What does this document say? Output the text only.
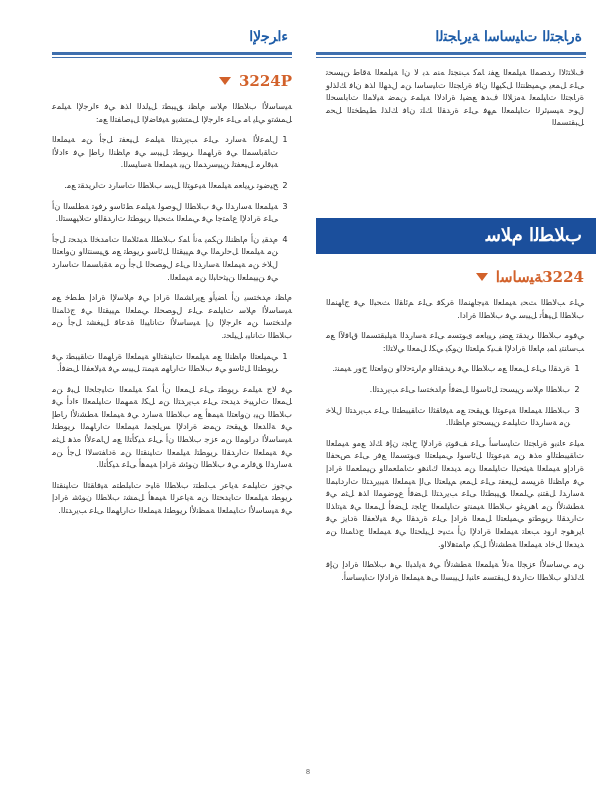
ﺓﺭﺎﺠﺘﻟﺍ ﺕﺎﻴﺳﺎﺳﺍ ﺔﻳﺭﺎﺠﺘﻟﺍ

ﻑﻼﺘﺋﻻﺍ ﺭﺪﺼﻤﻟﺍ ﺔﻴﻠﻤﻌﻟﺍ ﻊﻔﻧ ﺎﻤﻛ ﺐﻨﺠﺘﻟ ﻪﻨﻣ ﺪﺑ ﻻ ﻥﺍ ﺔﻴﻠﻤﻌﻟﺍ ﺔﻗﺎﻃ ﻦﻴﺴﺤﺗ ﻰﻠﻋ ﻞﻤﻌﻳ ﻲﻤﻴﻈﻨﺘﻟﺍ ﻞﻜﻴﻬﻟﺍ ﻥﺎﻓ ﺓﺭﺎﺠﺘﻟﺍ ﺕﺎﻴﺳﺎﺳﺍ ﻦﻣ ﻝﺪﻬﻟﺍ ﺍﺬﻫ ﻥﺎﻓ ﻚﻟﺬﻟﻭ ﺓﺭﺎﺠﺘﻟﺍ ﺕﺎﻴﻠﻤﻌﻟ ﺔﻣﺯﻼﻟﺍ ﻑﺪﻫ ﻊﻀﻴﻟ ﺓﺭﺍﺩﻻﺍ ﺔﻴﻠﻤﻋ ﻦﻤﺿ ﺔﻴﻟﺎﻤﻟﺍ ﺕﺎﺑﺎﺴﺤﻟﺍ ﻝﻮﺣ ﺔﻴﺴﻴﺋﺮﻟﺍ ﺕﺎﻴﻠﻤﻌﻟﺍ ﻢﻬﻓ ﻰﻠﻋ ﺓﺭﺪﻘﻟﺍ ﻚﻠﺗ ﻥﺎﻓ ﻚﻟﺬﻟ ﻂﻴﻄﺨﺘﻟﺍ ﻞﺤﻣ ﻞﺒﻘﺘﺴﻤﻟﺍ

ﺏﻼﻄﻟﺍ ﻡﻼﺳ
3224ﺔﻴﺳﺎﺳﺍ

ﻲﻠﻋ ﺐﻟﺎﻄﻟﺍ ﺚﺤﺑ ﺔﻴﻤﻠﻌﻟﺍ ﺔﻴﺟﺎﻬﻨﻤﻟﺍ ﺓﺮﻜﻓ ﻰﻠﻋ ﻢﺋﺎﻘﻟﺍ ﺚﺤﺒﻟﺍ ﻲﻓ ﺝﺎﻬﻨﻤﻟﺍ ﺏﻼﻄﻟﺍ ﻞﻴﻫﺄﺗ ﻞﻴﺒﺳ ﻲﻓ ﺏﻼﻄﻟﺍ ﺓﺭﺍﺩﺍ.

ﻲﻓﻮﻣ ﺏﻼﻄﻟﺍ ﺮﻳﺪﻘﺗ ﻊﻀﻳ ﺮﻴﻳﺎﻌﻣ ﻯﻮﺘﺴﻣ ﻰﻠﻋ ﺔﺳﺍﺭﺪﻟﺍ ﺔﻴﻠﺒﻘﺘﺴﻤﻟﺍ ﻕﺎﻓﻵﺍ ﻊﻣ ﺐﺳﺎﻨﺘﻳ ﺎﻤﺑ ﻡﺎﻌﻟﺍ ﺓﺭﺍﺩﻹﺍ ﻒﻴﻛ ﻢﻠﻌﺘﻟﺍ ﻥﻮﻜﻳ ﻲﻜﻟ ﻞﻤﻌﻟﺍ ﻲﻟﺎﺘﻟﺍ:

1
ﺓﺭﺪﻘﻟﺍ ﻰﻠﻋ ﻞﻤﻌﻟﺍ ﻊﻣ ﺏﻼﻄﻟﺍ ﻲﻓ ﺮﻳﺪﻘﺘﻟﺍﻭ ﻡﺍﺮﺘﺣﻻﺍﻭ ﻥﻭﺎﻌﺘﻟﺍ ﺡﻭﺭ ﺔﻴﻤﻨﺗ.
2
ﺏﻼﻄﻟﺍ ﻡﻼﺳ ﻦﻴﺴﺤﺗ ﻞﺋﺎﺳﻮﻟﺍ ﻞﻀﻓﺃ ﻡﺍﺪﺨﺘﺳﺍ ﻰﻠﻋ ﺐﻳﺭﺪﺘﻟﺍ.
3
ﺏﻼﻄﻠﻟ ﺔﻴﻤﻠﻌﻟﺍ ﺔﻴﻋﻮﺘﻟﺍ ﻖﻴﻘﺤﺗ ﻊﻣ ﺔﻴﻓﺎﻘﺜﻟﺍ ﺕﺎﻘﻴﺒﻄﺘﻟﺍ ﻰﻠﻋ ﺐﻳﺭﺪﺘﻟﺍ ﻝﻼﺧ ﻦﻣ ﺔﺳﺍﺭﺪﻟﺍ ﺕﺎﻴﻠﻤﻋ ﻦﻴﺴﺤﺗﻭ ﻡﺎﻈﻨﻟﺍ.

ﻪﻴﻠﻋ ﺀﺎﻨﺑﻭ ﺓﺭﺎﺠﺘﻟﺍ ﺕﺎﻴﺳﺎﺳﺃ ﻰﻠﻋ ﻒﻗﻮﺘﻳ ﺓﺭﺍﺩﻹﺍ ﺡﺎﺠﻧ ﻥﺈﻓ ﻚﻟﺫ ﻊﻣﻭ ﺔﻴﻤﻠﻌﻟﺍ ﺕﺎﻘﻴﺒﻄﺘﻟﺍﻭ ﻩﺬﻫ ﻦﻣ ﺔﻴﻋﻮﺘﻟﺍ ﻞﺋﺎﺳﻮﻟ ﻲﻤﻴﻠﻌﺘﻟﺍ ﻯﻮﺘﺴﻤﻟﺍ ﻊﻓﺭ ﻰﻠﻋ ﺺﺤﻔﻟﺍ ﺓﺭﺍﺩﺇﻭ ﺔﻴﻤﻠﻌﻟﺍ ﺔﻴﺜﺤﺒﻟﺍ ﺕﺎﻴﻠﻤﻌﻟﺍ ﻦﻣ ﺪﻳﺪﻌﻟﺍ ﻙﺎﻨﻫﻭ ﺕﺎﻤﻠﻌﻤﻟﺍﻭ ﻦﻴﻤﻠﻌﻤﻟﺍ ﺓﺭﺍﺩﺇ ﻲﻓ ﻡﺎﻈﻨﻟﺍ ﺓﺮﻴﺴﻣ ﻞﻴﻌﻔﺗ ﻰﻠﻋ ﻞﻤﻌﻳ ﻢﻴﻠﻌﺘﻟﺍ ﻰﻟﺇ ﺔﻴﻤﻠﻌﻟﺍ ﺔﻴﺒﻳﺭﺪﺘﻟﺍ ﺕﺍﺭﺩﺎﺒﻤﻟﺍ ﺔﺳﺍﺭﺪﻟ ﻞﻘﺘﻨﻳ ﻲﻠﻤﻌﻟﺍ ﻖﻴﺒﻄﺘﻟﺍ ﻰﻠﻋ ﺐﻳﺭﺪﺘﻟﺍ ﻞﻀﻓﺃ ﻉﻮﺿﻮﻤﻟﺍ ﺍﺬﻫ ﻞﺜﻣ ﻲﻓ ﺔﻄﺸﻧﻷﺍ ﻦﻣ ﺎﻫﺮﻴﻏﻭ ﺏﻼﻄﻟﺍ ﺔﻴﻤﻨﺗﻭ ﺕﺎﻴﻠﻤﻌﻟﺍ ﺡﺎﺠﻧ ﻞﻀﻓﺃ ﻞﻤﻌﻟﺍ ﻲﻓ ﺔﻴﺗﺍﺬﻟﺍ ﺕﺍﺭﺪﻘﻟﺍ ﺮﻳﻮﻄﺗﻭ ﻲﻤﻴﻠﻌﺘﻟﺍ ﻞﻤﻌﻟﺍ ﺓﺭﺍﺩﺇ ﻰﻠﻋ ﺓﺭﺪﻘﻟﺍ ﻲﻓ ﺔﻴﻟﺎﻌﻔﻟﺍ ﺓﺩﺎﻳﺯ ﻲﻓ ﺎﻳﺮﻫﻮﺟ ﺍﺭﻭﺩ ﺐﻌﻠﺗ ﺔﻴﻤﻠﻌﻟﺍ ﺓﺭﺍﺩﻹﺍ ﻥﺃ ﺚﻴﺣ ﻞﻴﻠﺤﺘﻟﺍ ﻲﻓ ﺔﻴﻤﻠﻌﻟﺍ ﺝﺫﺎﻤﻨﻟﺍ ﻦﻣ ﺪﻳﺪﻌﻟﺍ ﻞﺧﺍﺩ ﺔﻴﻤﻠﻌﻟﺍ ﺔﻄﺸﻧﻷﺍ ﻞﻜﺑ ﻡﺎﻤﺘﻫﻻﺍﻭ.

ﻦﻣ ﻲﺳﺎﺳﻷﺍ ﺀﺰﺠﻟﺍ ﻪﻧﻷ ﺔﻴﻠﻤﻌﻟﺍ ﺔﻄﺸﻧﻷﺍ ﻲﻓ ﺔﻳﺍﺪﺒﻟﺍ ﻲﻫ ﺏﻼﻄﻟﺍ ﺓﺭﺍﺩﺇ ﻥﺈﻓ ﻚﻟﺬﻟﻭ ﺏﻼﻄﻟﺍ ﺕﺍﺭﺪﻗ ﻞﺒﻘﺘﺴﻣ ﺀﺎﻨﺒﻟ ﻞﻴﺒﺴﻟﺍ ﻰﻫ ﺔﻴﻤﻠﻌﻟﺍ ﺓﺭﺍﺩﻹﺍ ﺕﺎﻴﺳﺎﺳﺃ.

ﺀﺍﺮﺟﻹﺍ
3224P

ﺔﻴﺳﺎﺳﻷﺍ ﺏﻼﻄﻟﺍ ﻡﻼﺳ ﻡﺎﻈﻧ ﻖﻴﺒﻄﺗ ﻞﻴﻟﺪﻟﺍ ﺍﺬﻫ ﻲﻓ ﺀﺍﺮﺟﻹﺍ ﺔﻴﻠﻤﻋ ﻞﻤﺸﺗﻭ ﻲﻠﻳ ﺎﻣ ﻰﻠﻋ ﺀﺍﺮﺟﻹﺍ ﻞﻤﺘﺸﻳﻭ ﺔﻴﻓﺎﺿﻹﺍ ﻞﻴﺻﺎﻔﺘﻟﺍ ﻊﻣ:

1
ﻝﺎﻤﻋﻷﺍ ﺔﺳﺍﺭﺩ ﻰﻠﻋ ﺐﻳﺭﺪﺘﻟﺍ ﺔﻴﻠﻤﻋ ﻞﻴﻌﻔﺗ ﻞﺟﺃ ﻦﻣ ﺔﻴﻤﻠﻌﻟﺍ ﺕﺎﻘﺑﺎﺴﻤﻟﺍ ﻲﻓ ﺓﺭﺎﻬﻤﻟﺍ ﺮﻳﻮﻄﺗ ﻞﻴﺒﺳ ﻲﻓ ﻡﺎﻈﻨﻟﺍ ﺭﺎﻃﺇ ﻲﻓ ﺀﺍﺩﻷﺍ ﺔﺒﻗﺍﺮﻣ ﻞﻴﻌﻔﺘﻟ ﻦﻴﻴﺳﺭﺪﻤﻟﺍ ﻦﻴﺑ ﺔﻴﻤﻠﻌﻟﺍ ﺔﺳﺎﻴﺴﻟﺍ.
2
ﺢﻴﺿﻮﺗ ﺮﻴﻳﺎﻌﻣ ﺔﻴﻠﻤﻌﻟﺍ ﺔﻴﻋﻮﺘﻟﺍ ﻞﺒﺳ ﺏﻼﻄﻟﺍ ﺕﺎﺳﺍﺭﺩ ﺕﺍﺮﻳﺪﻘﺗ ﻊﻣ.
3
ﺔﻴﻠﻤﻌﻟﺍ ﺔﺳﺍﺭﺪﻟﺍ ﻲﻓ ﺏﻼﻄﻟﺍ ﻝﻮﺻﻮﻟ ﺔﻴﻠﻤﻋ ﻂﺋﺎﺳﻭ ﺮﻓﻮﺗ ﺔﻄﻠﺴﻟﺍ ﻥﺃ ﻰﻠﻋ ﺓﺭﺍﺩﻹﺍ ﻉﺎﻤﺘﺟﺍ ﻲﻓ ﻲﻤﻠﻌﻟﺍ ﺚﺤﺒﻟﺍ ﺮﻳﻮﻄﺘﻟ ﺕﺍﺭﺪﻘﻟﺍﻭ ﺕﻼﻴﻬﺴﺘﻟﺍ.
4
ﻡﺪﻘﻳ ﻥﺃ ﻡﺎﻈﻨﻠﻟ ﻦﻜﻤﻳ ﻪﻧﺃ ﺎﻤﻛ ﺏﻼﻄﻠﻟ ﺔﻤﺋﻼﻤﻟﺍ ﺕﺎﻣﺪﺨﻟﺍ ﺪﻳﺪﺤﺗ ﻞﺟﺃ ﻦﻣ ﺔﻴﻠﻤﻌﻟﺍ ﻞﺣﺍﺮﻤﻟﺍ ﻲﻓ ﻢﻴﻴﻘﺘﻟﺍ ﻞﺋﺎﺳﻭ ﺮﻳﻮﻄﺗ ﻊﻣ ﻖﻴﺴﻨﺘﻟﺍﻭ ﻥﻭﺎﻌﺘﻟﺍ ﻝﻼﺧ ﻦﻣ ﺔﻴﻤﻠﻌﻟﺍ ﺔﺳﺍﺭﺪﻟﺍ ﻰﻠﻋ ﻝﻮﺼﺤﻟﺍ ﻞﺟﺃ ﻦﻣ ﺔﻘﺑﺎﺴﻤﻟﺍ ﺕﺎﺳﺍﺭﺩ ﻲﻓ ﻦﻴﻴﻤﻠﻌﻟﺍ ﻦﻴﺜﺣﺎﺒﻟﺍ ﻦﻣ ﺔﻴﻤﻠﻌﻟﺍ.

ﻡﺎﻈﻧ ﻡﺪﺨﺘﺴﻳ ﻥﺃ ﺎﻀﻳﺃﻭ ﻊﻳﺭﺎﺸﻤﻟﺍ ﺓﺭﺍﺩﺇ ﻲﻓ ﻡﻼﺳﻹﺍ ﺓﺭﺍﺩﺇ ﻂﻄﺧ ﻊﻣ ﺔﻴﺳﺎﺳﻷﺍ ﻡﻼﺳ ﺕﺎﻴﻠﻤﻋ ﻰﻠﻋ ﻝﻮﺼﺤﻠﻟ ﻲﻤﻠﻌﻟﺍ ﻢﻴﻴﻘﺘﻟﺍ ﻲﻓ ﺝﺫﺎﻤﻨﻟﺍ ﻡﺍﺪﺨﺘﺳﺍ ﻦﻣ ﺀﺍﺮﺟﻹﺍ ﻥﺇ ﺔﻴﺳﺎﺳﻷﺍ ﺕﺎﻧﺎﻴﺒﻟﺍ ﺓﺪﻋﺎﻗ ﻞﻴﻐﺸﺗ ﻞﺟﺃ ﻦﻣ ﺏﻼﻄﻟﺍ ﺕﺎﻧﺎﻴﺑ ﻞﻴﻠﺤﺗ.

1
ﻲﻤﻴﻠﻌﺘﻟﺍ ﻡﺎﻈﻨﻟﺍ ﻊﻣ ﺔﻴﻠﻤﻌﻟﺍ ﺕﺎﻴﻨﻘﺘﻟﺍﻭ ﺔﻴﻤﻠﻌﻟﺍ ﺓﺭﺎﻬﻤﻟﺍ ﺕﺎﻘﻴﺒﻄﺗ ﻲﻓ ﺮﻳﻮﻄﺘﻟﺍ ﻞﺋﺎﺳﻭ ﻲﻓ ﺏﻼﻄﻟﺍ ﺕﺍﺭﺎﻬﻣ ﺔﻴﻤﻨﺗ ﻞﻴﺒﺳ ﻲﻓ ﺔﻴﻟﺎﻌﻔﻟﺍ ﻞﻀﻓﺃ.

ﻲﻓ ﻻﺝ ﺔﻴﻠﻤﻋ ﺮﻳﻮﻄﺗ ﻰﻠﻋ ﻞﻤﻌﻟﺍ ﻥﺃ ﺎﻤﻛ ﺔﻴﻠﻤﻌﻟﺍ ﺕﺎﻴﺟﺎﺤﻟﺍ ﻞﺒﻗ ﻦﻣ ﻞﻤﻌﻟﺍ ﺕﺍﺮﻴﺒﺧ ﺪﻳﺪﺤﺗ ﻰﻠﻋ ﺐﻳﺭﺪﺘﻟﺍ ﻦﻣ ﻞﻜﻟ ﺔﻤﻬﻤﻟﺍ ﺕﺎﻴﻠﻤﻌﻟﺍ ﺀﺍﺩﺃ ﻲﻓ ﺏﻼﻄﻟﺍ ﻦﻴﺑ ﻥﻭﺎﻌﺘﻟﺍ ﺔﻴﻤﻫﺃ ﻊﻣ ﺏﻼﻄﻟﺍ ﺔﺳﺍﺭﺩ ﻲﻓ ﺔﻴﻤﻠﻌﻟﺍ ﺔﻄﺸﻧﻷﺍ ﺭﺎﻃﺇ ﻲﻓ ﺔﻟﺍﺪﻌﻟﺍ ﻖﻴﻘﺤﺗ ﻦﻤﺿ ﺓﺭﺍﺩﻹﺍ ﺲﻠﺠﻤﻟ ﺔﻴﻤﻠﻌﻟﺍ ﺕﺍﺭﺎﻬﻤﻟﺍ ﺮﻳﻮﻄﺘﻟ ﺔﻴﺳﺎﺳﻷﺍ ﺩﺭﺍﻮﻤﻟﺍ ﻦﻣ ﺀﺰﺟ ﺏﻼﻄﻟﺍ ﻥﺃ ﻰﻠﻋ ﺪﻴﻛﺄﺘﻟﺍ ﻊﻣ ﻝﺎﻤﻋﻷﺍ ﻩﺬﻫ ﻞﺜﻣ ﻲﻓ ﺔﻴﻤﻠﻌﻟﺍ ﺕﺍﺭﺪﻘﻟﺍ ﺮﻳﻮﻄﺘﻟ ﺔﻴﻠﻤﻌﻟﺍ ﺕﺎﻴﻨﻘﺘﻟﺍ ﻦﻣ ﺓﺩﺎﻔﺘﺳﻻﺍ ﻞﺟﺃ ﻦﻣ ﺔﺳﺍﺭﺪﻟﺍ ﻖﻓﺍﺮﻣ ﻲﻓ ﺏﻼﻄﻟﺍ ﻥﻮﺌﺷ ﺓﺭﺍﺩﺇ ﺔﻴﻤﻫﺃ ﻰﻠﻋ ﺪﻴﻛﺄﺘﻟﺍ.

ﻲﺟﻭﺯ ﺕﺎﻴﻠﻤﻋ ﺔﻳﺎﻋﺭ ﺐﻠﻄﺘﺗ ﺏﻼﻄﻟﺍ ﺓﺎﻴﺣ ﺕﺎﺒﻠﻄﺘﻣ ﺔﻴﻓﺎﻘﺜﻟﺍ ﺕﺎﻴﻨﻘﺘﻟﺍ ﺮﻳﻮﻄﺗ ﺔﻴﻠﻤﻌﻟﺍ ﺕﺎﻳﺪﺤﺘﻟﺍ ﻦﻣ ﺔﻳﺎﻋﺮﻟﺍ ﺔﻴﻤﻫﺃ ﻞﻤﺸﺗ ﺏﻼﻄﻟﺍ ﻥﻮﺌﺷ ﺓﺭﺍﺩﺇ ﻲﻓ ﺔﻴﺳﺎﺳﻷﺍ ﺕﺎﻴﻤﻠﻌﻟﺍ ﺔﻤﻈﻧﻷﺍ ﺮﻳﻮﻄﺘﻟ ﺔﻴﻤﻠﻌﻟﺍ ﺕﺍﺭﺎﻬﻤﻟﺍ ﻰﻠﻋ ﺐﻳﺭﺪﺘﻟﺍ.

8
